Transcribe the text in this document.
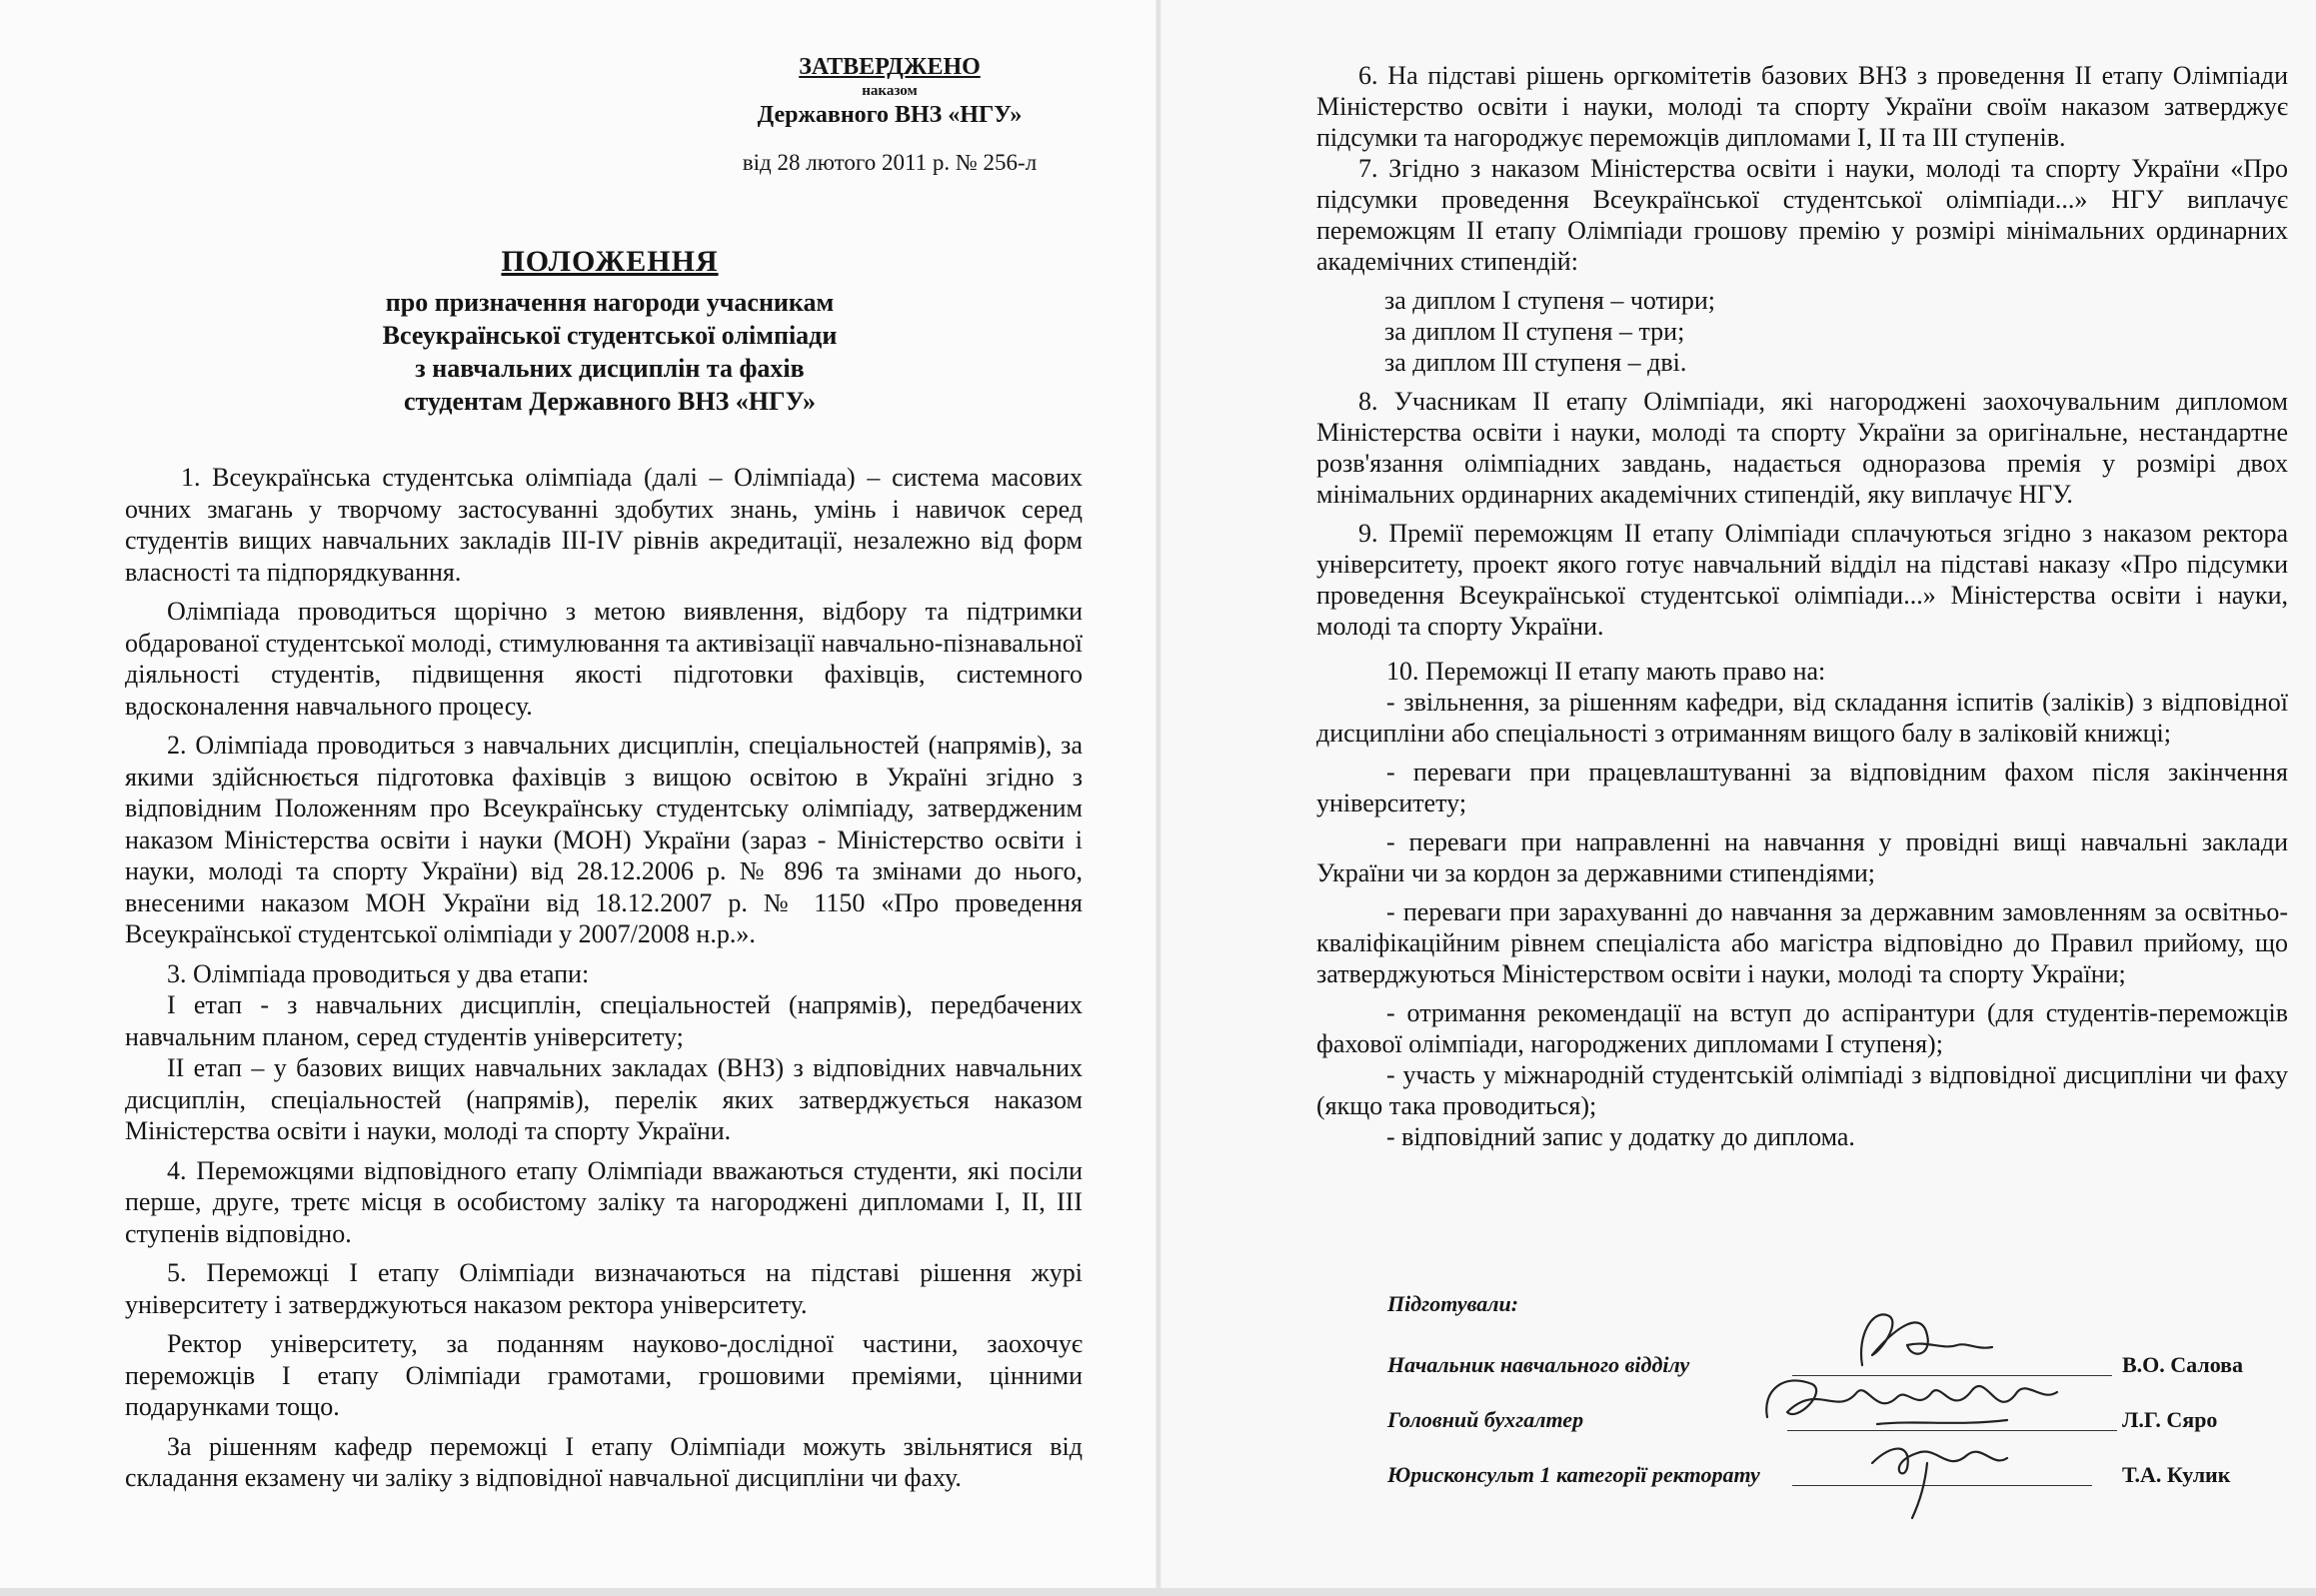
ЗАТВЕРДЖЕНО
наказом
Державного ВНЗ «НГУ»
від 28 лютого 2011 р. № 256-л
ПОЛОЖЕННЯ
про призначення нагороди учасникам
Всеукраїнської студентської олімпіади
з навчальних дисциплін та фахів
студентам Державного ВНЗ «НГУ»

1. Всеукраїнська студентська олімпіада (далі – Олімпіада) – система масових очних змагань у творчому застосуванні здобутих знань, умінь і навичок серед студентів вищих навчальних закладів III-IV рівнів акредитації, незалежно від форм власності та підпорядкування.

Олімпіада проводиться щорічно з метою виявлення, відбору та підтримки обдарованої студентської молоді, стимулювання та активізації навчально-пізнавальної діяльності студентів, підвищення якості підготовки фахівців, системного вдосконалення навчального процесу.

2. Олімпіада проводиться з навчальних дисциплін, спеціальностей (напрямів), за якими здійснюється підготовка фахівців з вищою освітою в Україні згідно з відповідним Положенням про Всеукраїнську студентську олімпіаду, затвердженим наказом Міністерства освіти і науки (МОН) України (зараз - Міністерство освіти і науки, молоді та спорту України) від 28.12.2006 р. № 896 та змінами до нього, внесеними наказом МОН України від 18.12.2007 р. № 1150 «Про проведення Всеукраїнської студентської олімпіади у 2007/2008 н.р.».

3. Олімпіада проводиться у два етапи:

І етап - з навчальних дисциплін, спеціальностей (напрямів), передбачених навчальним планом, серед студентів університету;

ІІ етап – у базових вищих навчальних закладах (ВНЗ) з відповідних навчальних дисциплін, спеціальностей (напрямів), перелік яких затверджується наказом Міністерства освіти і науки, молоді та спорту України.

4. Переможцями відповідного етапу Олімпіади вважаються студенти, які посіли перше, друге, третє місця в особистому заліку та нагороджені дипломами І, ІІ, ІІІ ступенів відповідно.

5. Переможці І етапу Олімпіади визначаються на підставі рішення журі університету і затверджуються наказом ректора університету.

Ректор університету, за поданням науково-дослідної частини, заохочує переможців І етапу Олімпіади грамотами, грошовими преміями, цінними подарунками тощо.

За рішенням кафедр переможці І етапу Олімпіади можуть звільнятися від складання екзамену чи заліку з відповідної навчальної дисципліни чи фаху.

6. На підставі рішень оргкомітетів базових ВНЗ з проведення ІІ етапу Олімпіади Міністерство освіти і науки, молоді та спорту України своїм наказом затверджує підсумки та нагороджує переможців дипломами І, ІІ та ІІІ ступенів.

7. Згідно з наказом Міністерства освіти і науки, молоді та спорту України «Про підсумки проведення Всеукраїнської студентської олімпіади...» НГУ виплачує переможцям ІІ етапу Олімпіади грошову премію у розмірі мінімальних ординарних академічних стипендій:

за диплом І ступеня – чотири;

за диплом ІІ ступеня – три;

за диплом ІІІ ступеня – дві.

8. Учасникам ІІ етапу Олімпіади, які нагороджені заохочувальним дипломом Міністерства освіти і науки, молоді та спорту України за оригінальне, нестандартне розв'язання олімпіадних завдань, надається одноразова премія у розмірі двох мінімальних ординарних академічних стипендій, яку виплачує НГУ.

9. Премії переможцям ІІ етапу Олімпіади сплачуються згідно з наказом ректора університету, проект якого готує навчальний відділ на підставі наказу «Про підсумки проведення Всеукраїнської студентської олімпіади...» Міністерства освіти і науки, молоді та спорту України.

10. Переможці ІІ етапу мають право на:

- звільнення, за рішенням кафедри, від складання іспитів (заліків) з відповідної дисципліни або спеціальності з отриманням вищого балу в заліковій книжці;

- переваги при працевлаштуванні за відповідним фахом після закінчення університету;

- переваги при направленні на навчання у провідні вищі навчальні заклади України чи за кордон за державними стипендіями;

- переваги при зарахуванні до навчання за державним замовленням за освітньо-кваліфікаційним рівнем спеціаліста або магістра відповідно до Правил прийому, що затверджуються Міністерством освіти і науки, молоді та спорту України;

- отримання рекомендації на вступ до аспірантури (для студентів-переможців фахової олімпіади, нагороджених дипломами І ступеня);

- участь у міжнародній студентській олімпіаді з відповідної дисципліни чи фаху (якщо така проводиться);

- відповідний запис у додатку до диплома.

Підготували:
Начальник навчального відділу	В.О. Салова
Головний бухгалтер	Л.Г. Сяро
Юрисконсульт 1 категорії ректорату	Т.А. Кулик
